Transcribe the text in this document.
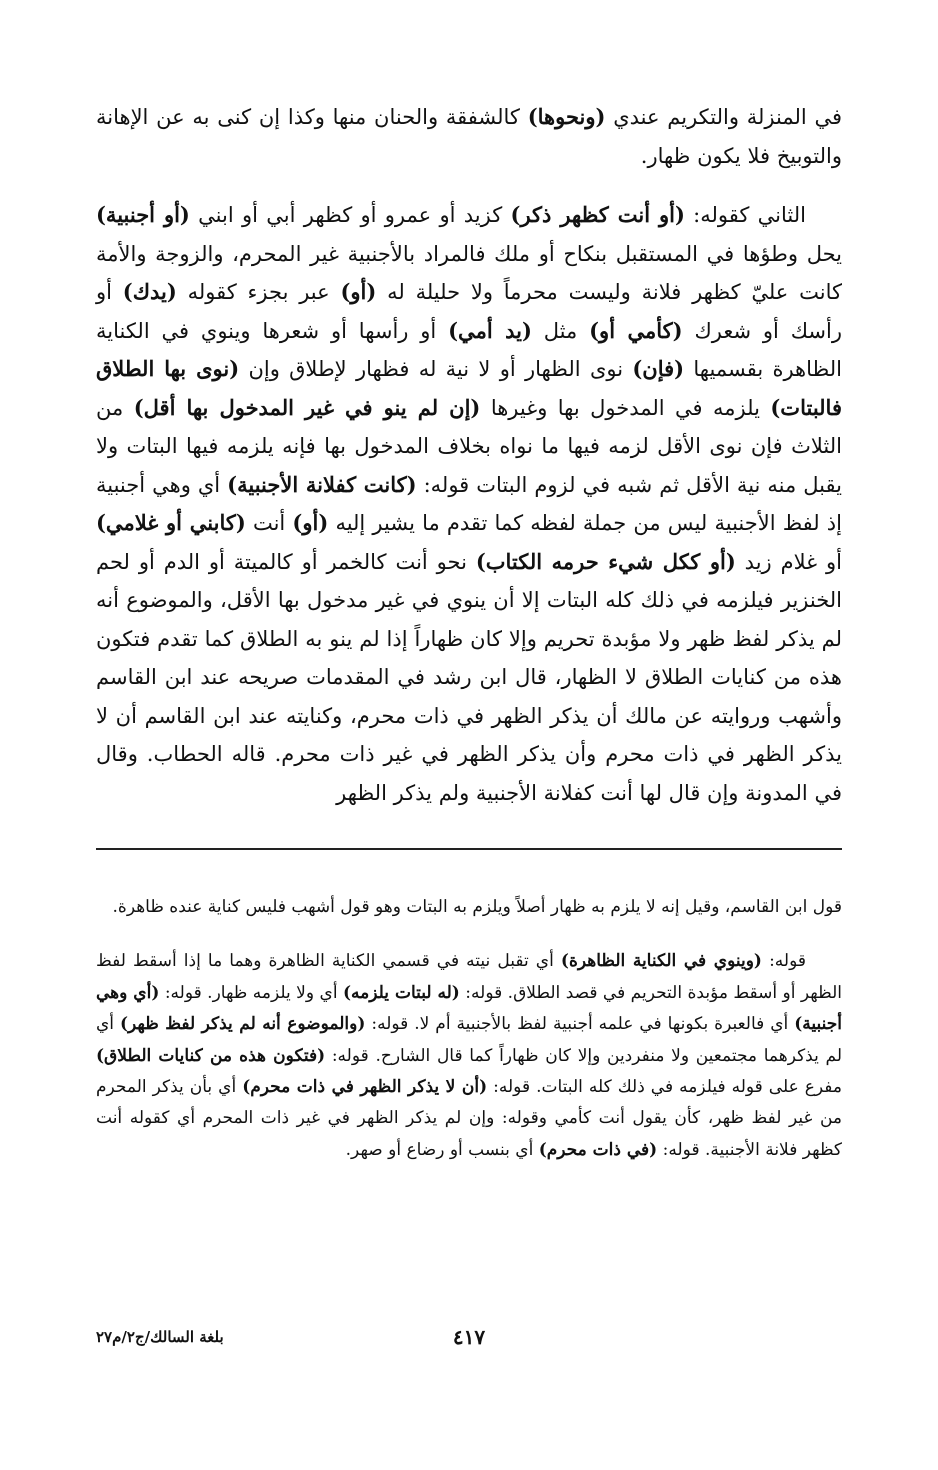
في المنزلة والتكريم عندي (ونحوها) كالشفقة والحنان منها وكذا إن كنى به عن الإهانة والتوبيخ فلا يكون ظهار.

الثاني كقوله: (أو أنت كظهر ذكر) كزيد أو عمرو أو كظهر أبي أو ابني (أو أجنبية) يحل وطؤها في المستقبل بنكاح أو ملك فالمراد بالأجنبية غير المحرم، والزوجة والأمة كانت عليّ كظهر فلانة وليست محرماً ولا حليلة له (أو) عبر بجزء كقوله (يدك) أو رأسك أو شعرك (كأمي أو) مثل (يد أمي) أو رأسها أو شعرها وينوي في الكناية الظاهرة بقسميها (فإن) نوى الظهار أو لا نية له فظهار لإطلاق وإن (نوى بها الطلاق فالبتات) يلزمه في المدخول بها وغيرها (إن لم ينو في غير المدخول بها أقل) من الثلاث فإن نوى الأقل لزمه فيها ما نواه بخلاف المدخول بها فإنه يلزمه فيها البتات ولا يقبل منه نية الأقل ثم شبه في لزوم البتات قوله: (كانت كفلانة الأجنبية) أي وهي أجنبية إذ لفظ الأجنبية ليس من جملة لفظه كما تقدم ما يشير إليه (أو) أنت (كابني أو غلامي) أو غلام زيد (أو ككل شيء حرمه الكتاب) نحو أنت كالخمر أو كالميتة أو الدم أو لحم الخنزير فيلزمه في ذلك كله البتات إلا أن ينوي في غير مدخول بها الأقل، والموضوع أنه لم يذكر لفظ ظهر ولا مؤبدة تحريم وإلا كان ظهاراً إذا لم ينو به الطلاق كما تقدم فتكون هذه من كنايات الطلاق لا الظهار، قال ابن رشد في المقدمات صريحه عند ابن القاسم وأشهب وروايته عن مالك أن يذكر الظهر في ذات محرم، وكنايته عند ابن القاسم أن لا يذكر الظهر في ذات محرم وأن يذكر الظهر في غير ذات محرم. قاله الحطاب. وقال في المدونة وإن قال لها أنت كفلانة الأجنبية ولم يذكر الظهر

قول ابن القاسم، وقيل إنه لا يلزم به ظهار أصلاً ويلزم به البتات وهو قول أشهب فليس كناية عنده ظاهرة.

قوله: (وينوي في الكناية الظاهرة) أي تقبل نيته في قسمي الكناية الظاهرة وهما ما إذا أسقط لفظ الظهر أو أسقط مؤبدة التحريم في قصد الطلاق. قوله: (له لبتات يلزمه) أي ولا يلزمه ظهار. قوله: (أي وهي أجنبية) أي فالعبرة بكونها في علمه أجنبية لفظ بالأجنبية أم لا. قوله: (والموضوع أنه لم يذكر لفظ ظهر) أي لم يذكرهما مجتمعين ولا منفردين وإلا كان ظهاراً كما قال الشارح. قوله: (فتكون هذه من كنايات الطلاق) مفرع على قوله فيلزمه في ذلك كله البتات. قوله: (أن لا يذكر الظهر في ذات محرم) أي بأن يذكر المحرم من غير لفظ ظهر، كأن يقول أنت كأمي وقوله: وإن لم يذكر الظهر في غير ذات المحرم أي كقوله أنت كظهر فلانة الأجنبية. قوله: (في ذات محرم) أي بنسب أو رضاع أو صهر.

٤١٧
بلغة السالك/ج٢/م٢٧
